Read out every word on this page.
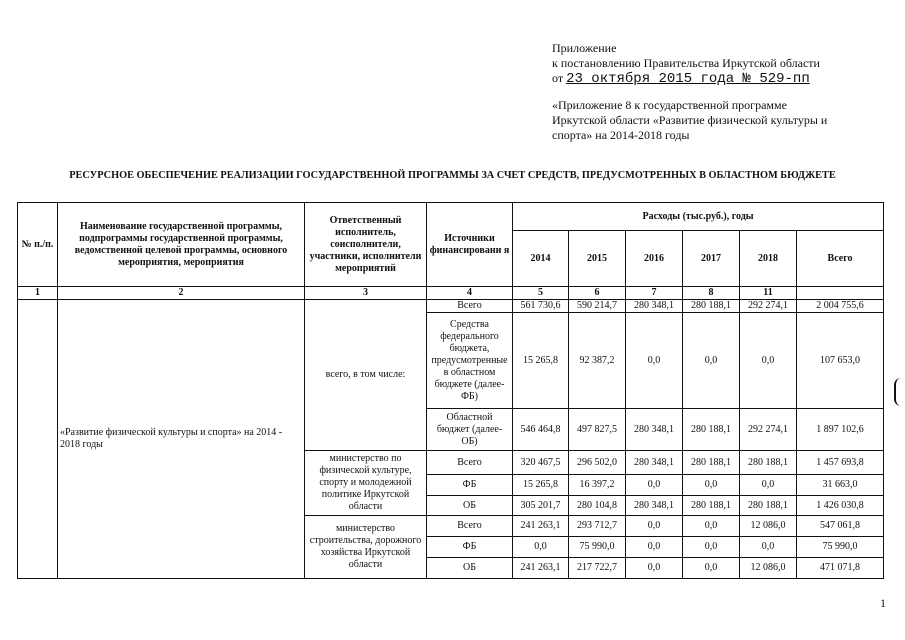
Приложение
к постановлению Правительства Иркутской области
от 23 октября 2015 года № 529-пп
«Приложение 8 к государственной программе
Иркутской области «Развитие физической культуры и
спорта» на 2014-2018 годы
РЕСУРСНОЕ ОБЕСПЕЧЕНИЕ РЕАЛИЗАЦИИ ГОСУДАРСТВЕННОЙ ПРОГРАММЫ ЗА СЧЕТ СРЕДСТВ, ПРЕДУСМОТРЕННЫХ В ОБЛАСТНОМ БЮДЖЕТЕ
№ п./п.	Наименование государственной программы, подпрограммы государственной программы, ведомственной целевой программы, основного мероприятия, мероприятия	Ответственный исполнитель, соисполнители, участники, исполнители мероприятий	Источники финансировани я	Расходы (тыс.руб.), годы					
				2014	2015	2016	2017	2018	Всего
1	2	3	4	5	6	7	8	11	
	«Развитие физической культуры и спорта» на 2014 - 2018 годы	всего, в том числе:	Всего	561 730,6	590 214,7	280 348,1	280 188,1	292 274,1	2 004 755,6
			Средства федерального бюджета, предусмотренные в областном бюджете (далее-ФБ)	15 265,8	92 387,2	0,0	0,0	0,0	107 653,0
			Областной бюджет (далее-ОБ)	546 464,8	497 827,5	280 348,1	280 188,1	292 274,1	1 897 102,6
		министерство по физической культуре, спорту и молодежной политике Иркутской области	Всего	320 467,5	296 502,0	280 348,1	280 188,1	280 188,1	1 457 693,8
			ФБ	15 265,8	16 397,2	0,0	0,0	0,0	31 663,0
			ОБ	305 201,7	280 104,8	280 348,1	280 188,1	280 188,1	1 426 030,8
		министерство строительства, дорожного хозяйства Иркутской области	Всего	241 263,1	293 712,7	0,0	0,0	12 086,0	547 061,8
			ФБ	0,0	75 990,0	0,0	0,0	0,0	75 990,0
			ОБ	241 263,1	217 722,7	0,0	0,0	12 086,0	471 071,8
1
